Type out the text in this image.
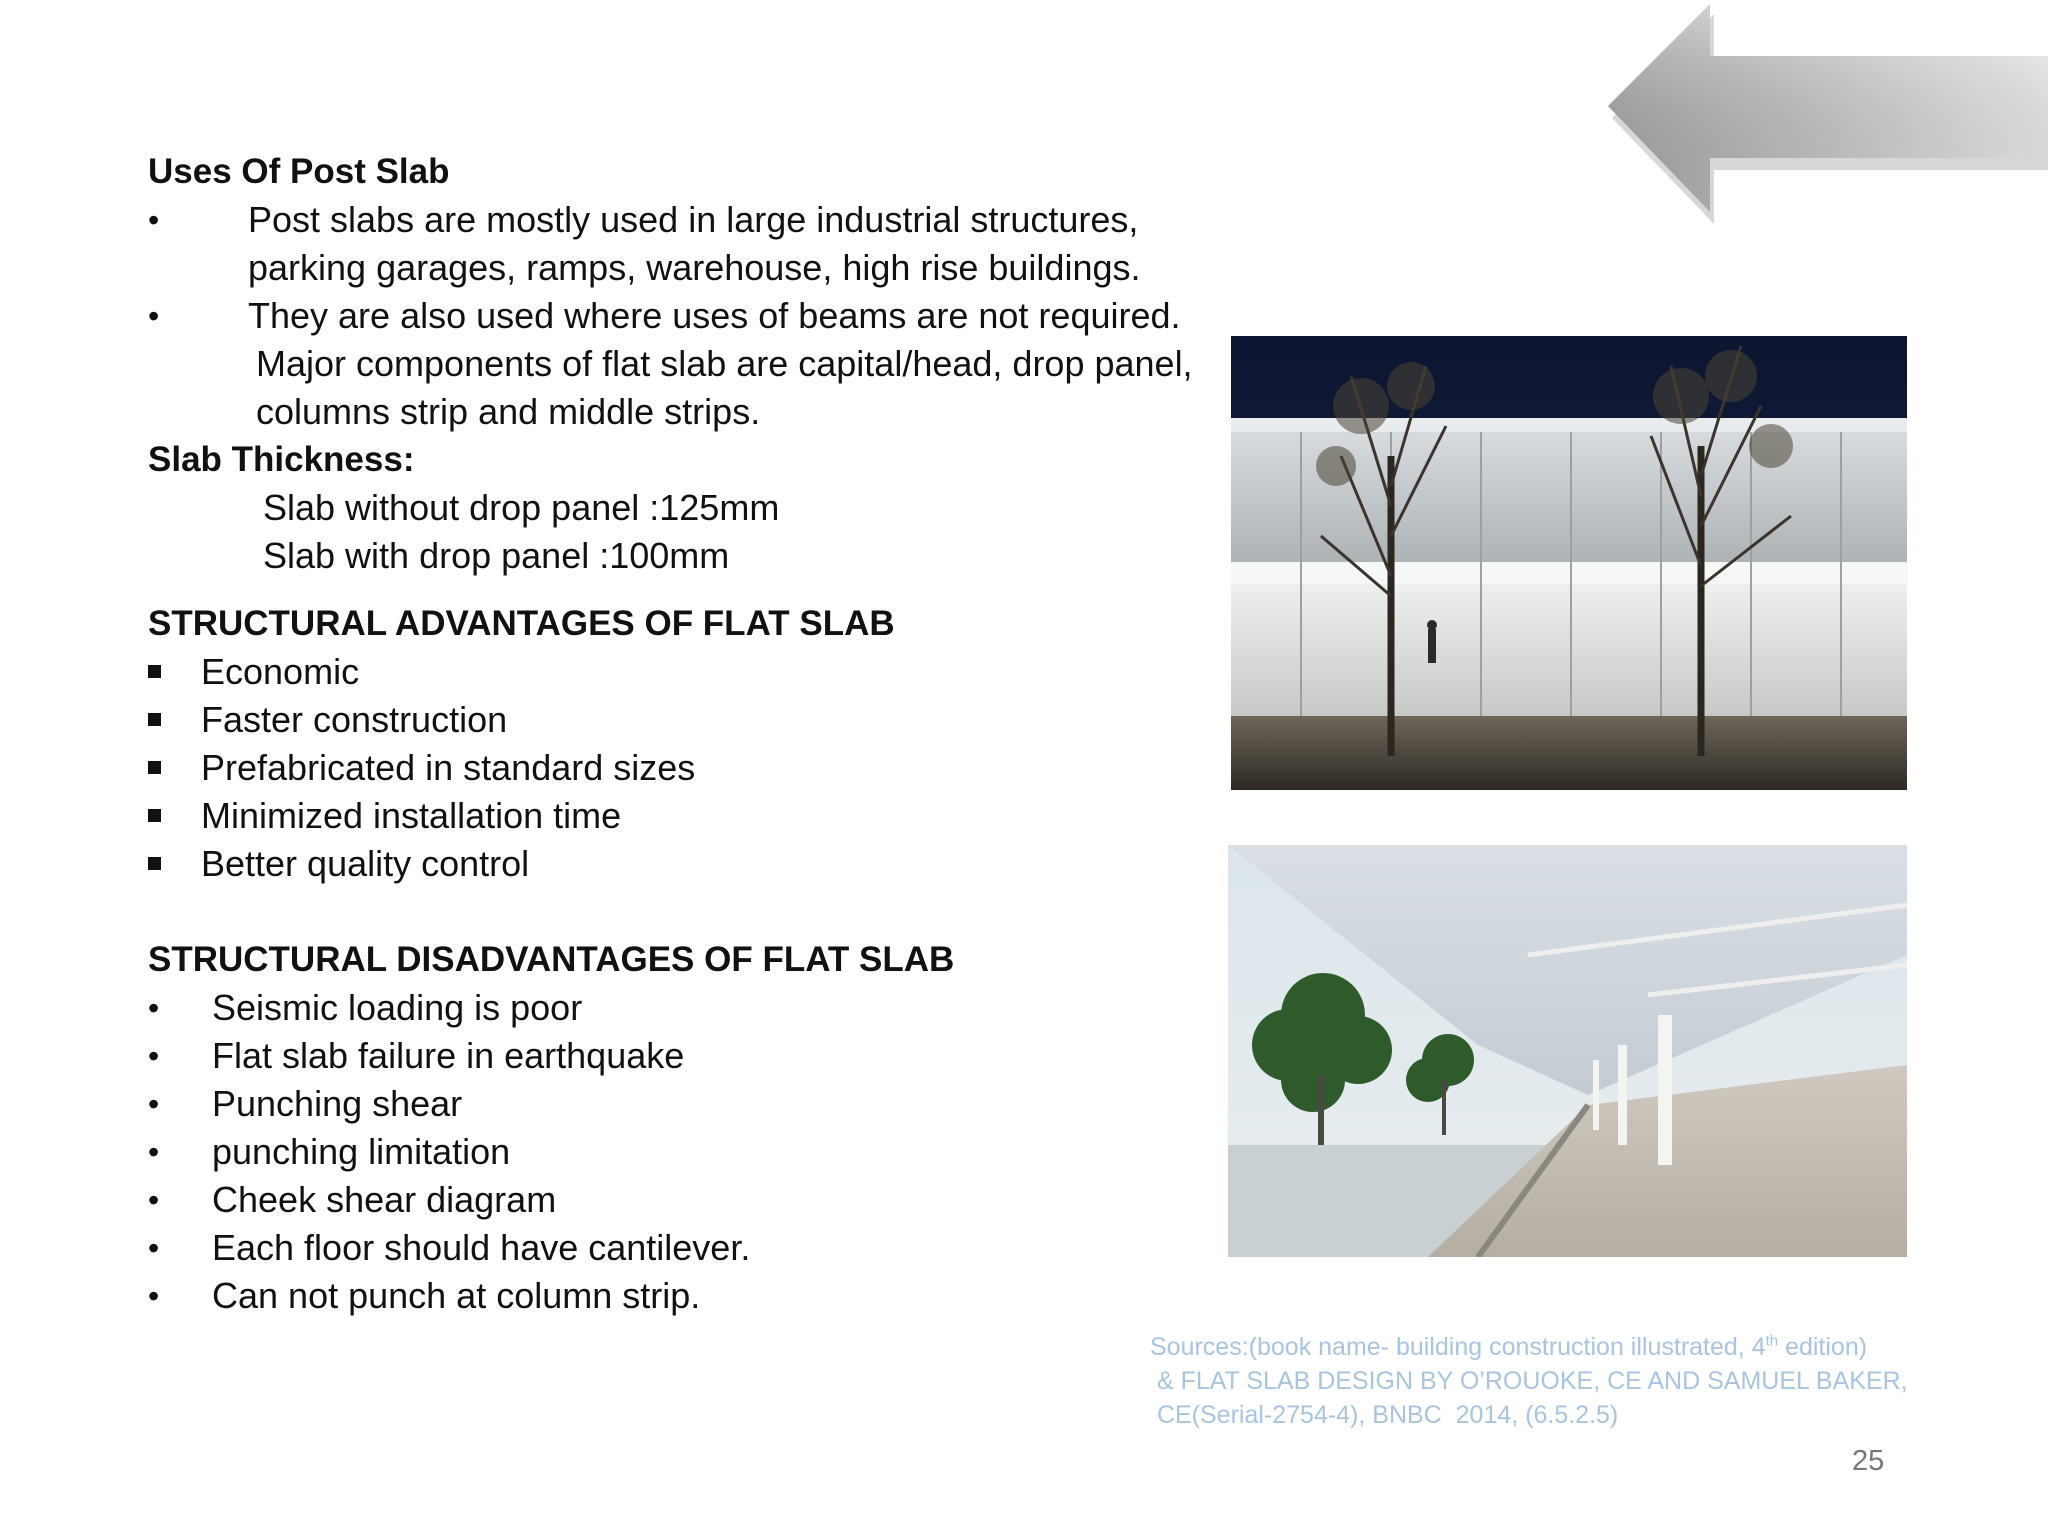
Uses Of Post Slab
• Post slabs are mostly used in large industrial structures,
parking garages, ramps, warehouse, high rise buildings.
• They are also used where uses of beams are not required.
Major components of flat slab are capital/head, drop panel,
columns strip and middle strips.
Slab Thickness:
Slab without drop panel :125mm
Slab with drop panel :100mm
STRUCTURAL ADVANTAGES OF FLAT SLAB
Economic
Faster construction
Prefabricated in standard sizes
Minimized installation time
Better quality control
STRUCTURAL DISADVANTAGES OF FLAT SLAB
• Seismic loading is poor
• Flat slab failure in earthquake
• Punching shear
• punching limitation
• Cheek shear diagram
• Each floor should have cantilever.
• Can not punch at column strip.
Sources:(book name- building construction illustrated, 4th edition)
& FLAT SLAB DESIGN BY O’ROUOKE, CE AND SAMUEL BAKER,
CE(Serial-2754-4), BNBC  2014, (6.5.2.5)
25
